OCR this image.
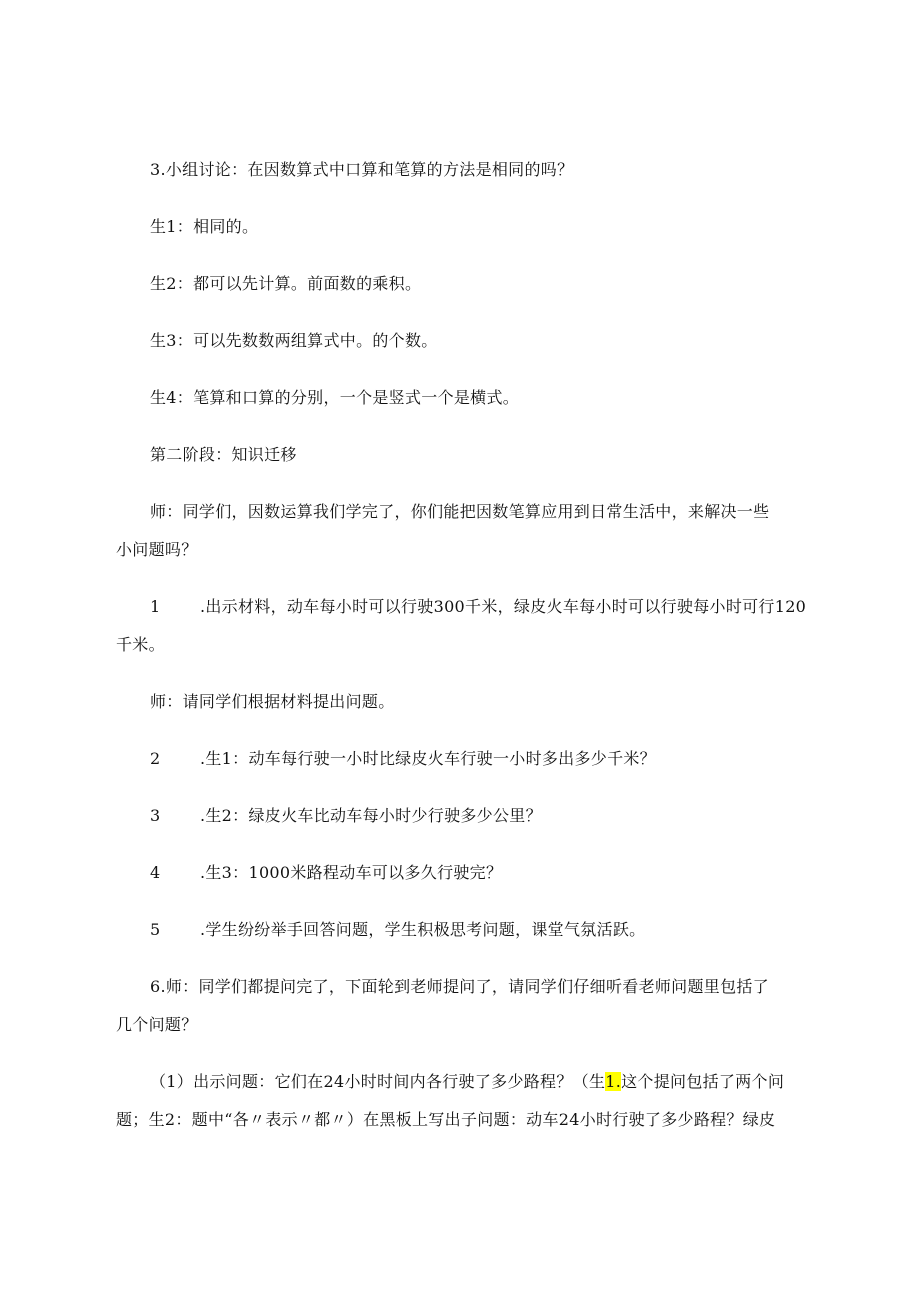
3.小组讨论：在因数算式中口算和笔算的方法是相同的吗？
生1：相同的。
生2：都可以先计算。前面数的乘积。
生3：可以先数数两组算式中。的个数。
生4：笔算和口算的分别，一个是竖式一个是横式。
第二阶段：知识迁移
师：同学们，因数运算我们学完了，你们能把因数笔算应用到日常生活中，来解决一些
小问题吗？
1 .出示材料，动车每小时可以行驶300千米，绿皮火车每小时可以行驶每小时可行120
千米。
师：请同学们根据材料提出问题。
2 .生1：动车每行驶一小时比绿皮火车行驶一小时多出多少千米？
3 .生2：绿皮火车比动车每小时少行驶多少公里？
4 .生3：1000米路程动车可以多久行驶完？
5 .学生纷纷举手回答问题，学生积极思考问题，课堂气氛活跃。
6.师：同学们都提问完了，下面轮到老师提问了，请同学们仔细听看老师问题里包括了
几个问题？
（1）出示问题：它们在24小时时间内各行驶了多少路程？（生1.这个提问包括了两个问
题；生2：题中“各〃表示〃都〃）在黑板上写出子问题：动车24小时行驶了多少路程？绿皮
